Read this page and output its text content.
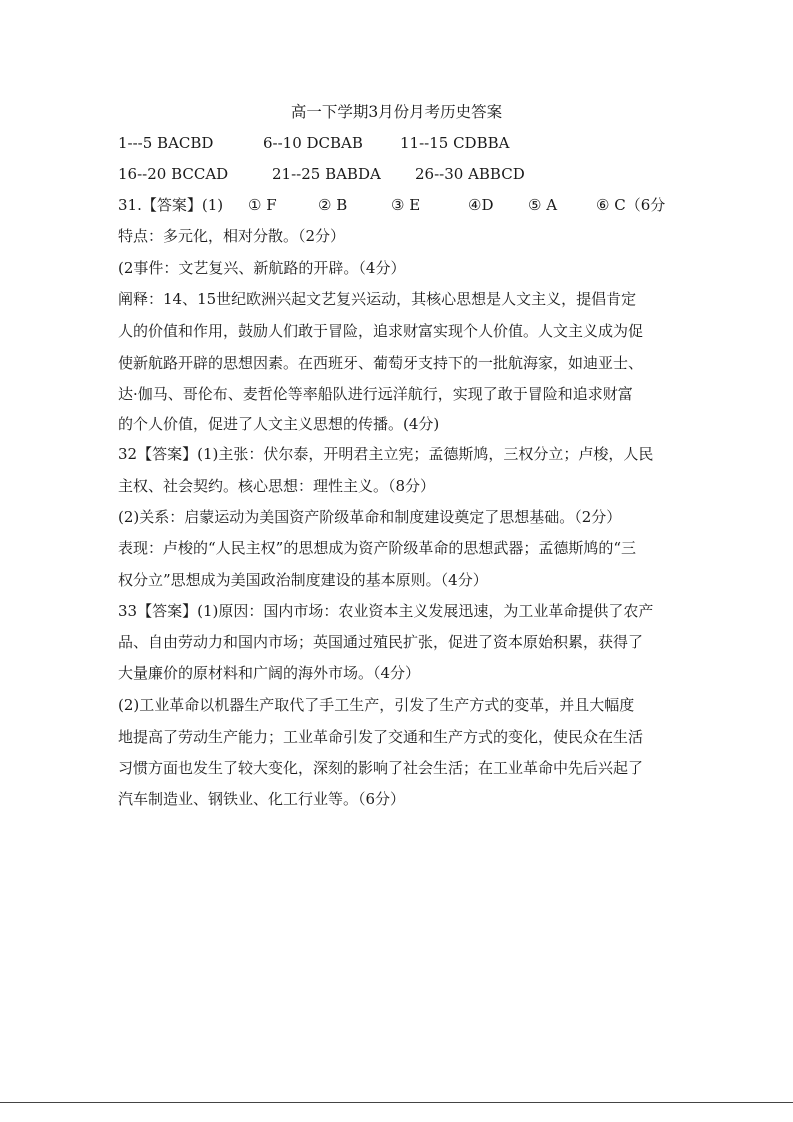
高一下学期3月份月考历史答案
1---5 BACBD	6--10 DCBAB 11--15 CDBBA
16--20 BCCAD	21--25 BABDA 26--30 ABBCD
31.【答案】(1) ① F	② B	③ E	④D ⑤ A	⑥ C（6分
特点：多元化，相对分散。（2分）
(2事件：文艺复兴、新航路的开辟。（4分）
阐释：14、15世纪欧洲兴起文艺复兴运动，其核心思想是人文主义，提倡肯定
人的价值和作用，鼓励人们敢于冒险，追求财富实现个人价值。人文主义成为促
使新航路开辟的思想因素。在西班牙、葡萄牙支持下的一批航海家，如迪亚士、
达·伽马、哥伦布、麦哲伦等率船队进行远洋航行，实现了敢于冒险和追求财富
的个人价值，促进了人文主义思想的传播。(4分)
32【答案】(1)主张：伏尔泰，开明君主立宪；孟德斯鸠，三权分立；卢梭，人民
主权、社会契约。核心思想：理性主义。（8分）
(2)关系：启蒙运动为美国资产阶级革命和制度建设奠定了思想基础。（2分）
表现：卢梭的“人民主权”的思想成为资产阶级革命的思想武器；孟德斯鸠的“三
权分立”思想成为美国政治制度建设的基本原则。（4分）
33【答案】(1)原因：国内市场：农业资本主义发展迅速，为工业革命提供了农产
品、自由劳动力和国内市场；英国通过殖民扩张，促进了资本原始积累，获得了
大量廉价的原材料和广阔的海外市场。（4分）
(2)工业革命以机器生产取代了手工生产，引发了生产方式的变革，并且大幅度
地提高了劳动生产能力；工业革命引发了交通和生产方式的变化，使民众在生活
习惯方面也发生了较大变化，深刻的影响了社会生活；在工业革命中先后兴起了
汽车制造业、钢铁业、化工行业等。（6分）
